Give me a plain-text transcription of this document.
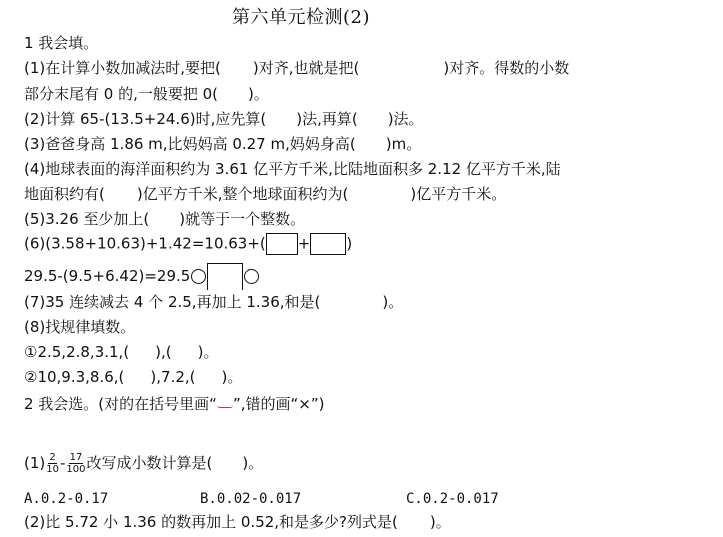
第六单元检测(2)
1 我会填。
(1)在计算小数加减法时,要把( )对齐,也就是把(	)对齐。得数的小数
部分末尾有 0 的,一般要把 0( )。
(2)计算 65-(13.5+24.6)时,应先算( )法,再算( )法。
(3)爸爸身高 1.86 m,比妈妈高 0.27 m,妈妈身高( )m。
(4)地球表面的海洋面积约为 3.61 亿平方千米,比陆地面积多 2.12 亿平方千米,陆
地面积约有( )亿平方千米,整个地球面积约为(	)亿平方千米。
(5)3.26 至少加上( )就等于一个整数。
(6)(3.58+10.63)+1.42=10.63+( + )
29.5-(9.5+6.42)=29.5
(7)35 连续减去 4 个 2.5,再加上 1.36,和是(	)。
(8)找规律填数。
①2.5,2.8,3.1,( ),( )。
②10,9.3,8.6,( ),7.2,( )。
2 我会选。(对的在括号里画“ ”,错的画“×”)
$(1) \frac{2}{10} - \frac{17}{100}$ 改写成小数计算是( )。
A.0.2-0.17	B.0.02-0.017	C.0.2-0.017
(2)比 5.72 小 1.36 的数再加上 0.52,和是多少?列式是( )。
